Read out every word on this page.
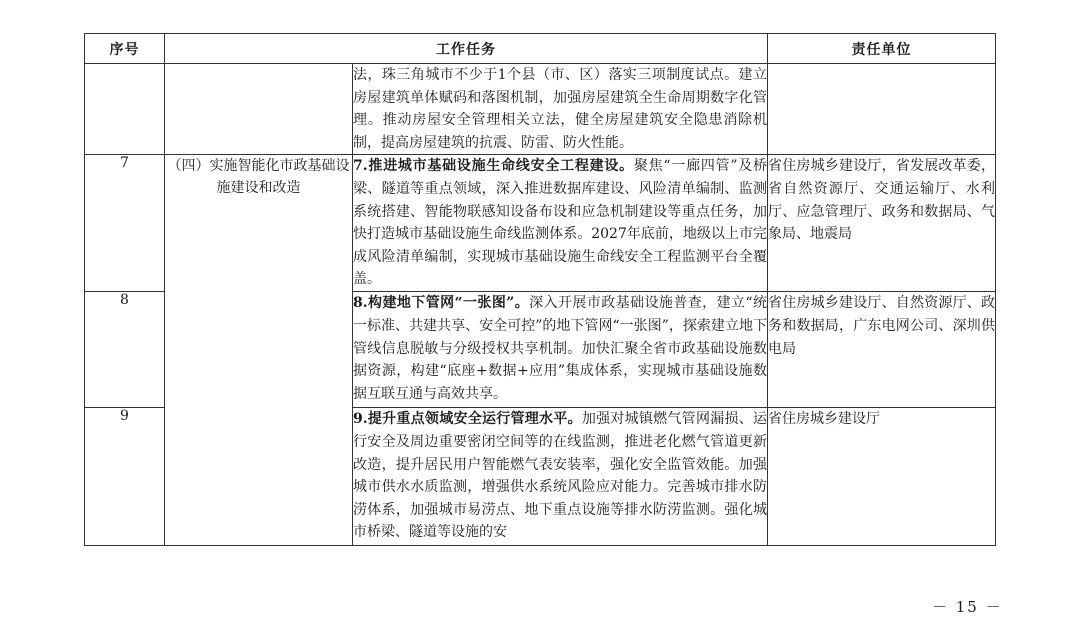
序号	工作任务		责任单位
		法，珠三角城市不少于1个县（市、区）落实三项制度试点。建立房屋建筑单体赋码和落图机制，加强房屋建筑全生命周期数字化管理。推动房屋安全管理相关立法，健全房屋建筑安全隐患消除机制，提高房屋建筑的抗震、防雷、防火性能。	
7	（四）实施智能化市政基础设施建设和改造	7.推进城市基础设施生命线安全工程建设。聚焦“一廊四管”及桥梁、隧道等重点领域，深入推进数据库建设、风险清单编制、监测系统搭建、智能物联感知设备布设和应急机制建设等重点任务，加快打造城市基础设施生命线监测体系。2027年底前，地级以上市完成风险清单编制，实现城市基础设施生命线安全工程监测平台全覆盖。	省住房城乡建设厅，省发展改革委，省自然资源厅、交通运输厅、水利厅、应急管理厅、政务和数据局、气象局、地震局
8		8.构建地下管网“一张图”。深入开展市政基础设施普查，建立“统一标准、共建共享、安全可控”的地下管网“一张图”，探索建立地下管线信息脱敏与分级授权共享机制。加快汇聚全省市政基础设施数据资源，构建“底座+数据+应用”集成体系，实现城市基础设施数据互联互通与高效共享。	省住房城乡建设厅、自然资源厅、政务和数据局，广东电网公司、深圳供电局
9		9.提升重点领域安全运行管理水平。加强对城镇燃气管网漏损、运行安全及周边重要密闭空间等的在线监测，推进老化燃气管道更新改造，提升居民用户智能燃气表安装率，强化安全监管效能。加强城市供水水质监测，增强供水系统风险应对能力。完善城市排水防涝体系，加强城市易涝点、地下重点设施等排水防涝监测。强化城市桥梁、隧道等设施的安	省住房城乡建设厅
－ 15 －
